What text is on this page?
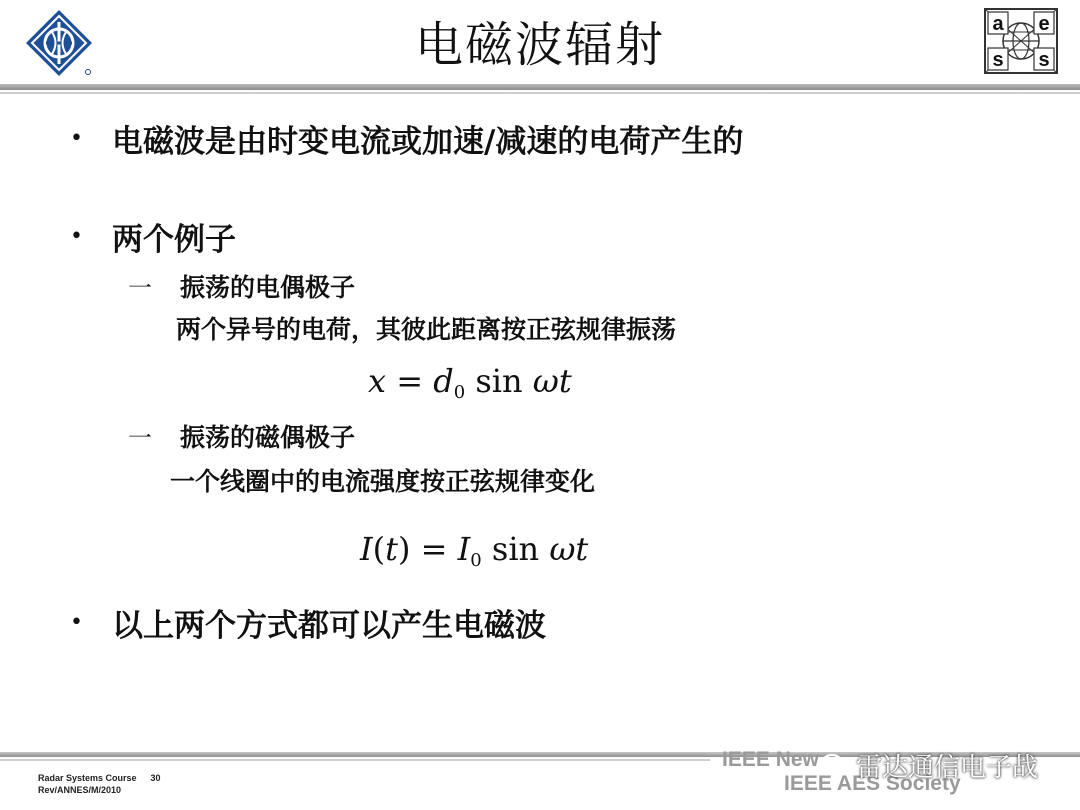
电磁波辐射	a e
s s
• 电磁波是由时变电流或加速/减速的电荷产生的
• 两个例子
一 振荡的电偶极子
两个异号的电荷，其彼此距离按正弦规律振荡
$x = d_0$ sin ωt
一 振荡的磁偶极子
一个线圈中的电流强度按正弦规律变化
$I(t) = I_0$ sin ωt
• 以上两个方式都可以产生电磁波
Radar Systems Course 30
Rev/ANNES/M/2010
IEEE New
IEEE AES Society
雷达通信电子战
